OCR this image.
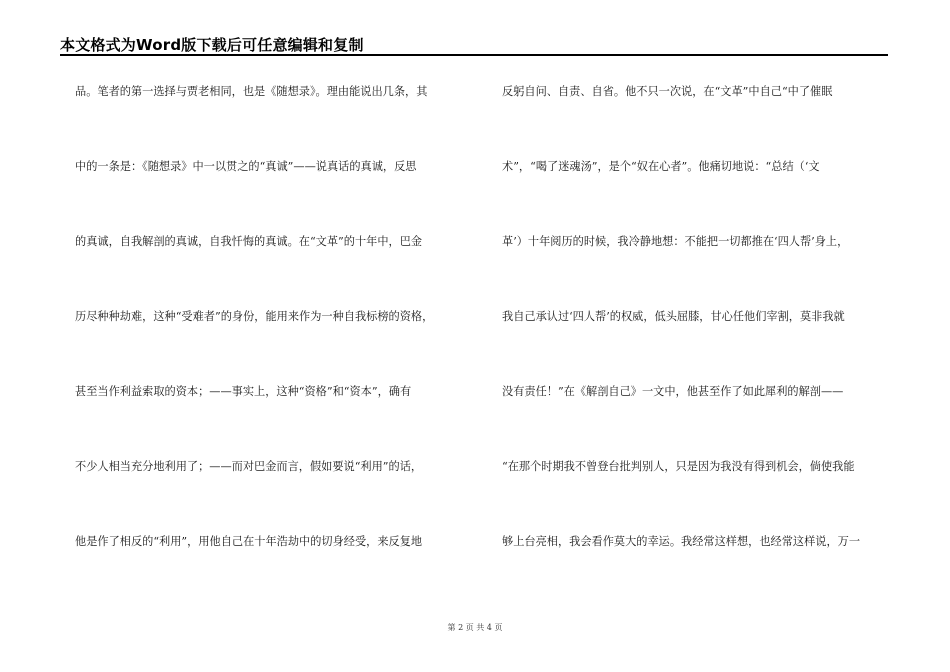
本文格式为Word版下载后可任意编辑和复制
品。笔者的第一选择与贾老相同，也是《随想录》。理由能说出几条，其
中的一条是：《随想录》中一以贯之的“真诚”——说真话的真诚，反思
的真诚，自我解剖的真诚，自我忏悔的真诚。在“文革”的十年中，巴金
历尽种种劫难，这种“受难者”的身份，能用来作为一种自我标榜的资格，
甚至当作利益索取的资本；——事实上，这种“资格”和“资本”，确有
不少人相当充分地利用了；——而对巴金而言，假如要说“利用”的话，
他是作了相反的“利用”，用他自己在十年浩劫中的切身经受，来反复地
反躬自问、自责、自省。他不只一次说，在“文革”中自己“中了催眠
术”，“喝了迷魂汤”，是个“奴在心者”。他痛切地说：“总结（‘文
革’）十年阅历的时候，我冷静地想：不能把一切都推在‘四人帮’身上，
我自己承认过‘四人帮’的权威，低头屈膝，甘心任他们宰割，莫非我就
没有责任！”在《解剖自己》一文中，他甚至作了如此犀利的解剖——
“在那个时期我不曾登台批判别人，只是因为我没有得到机会，倘使我能
够上台亮相，我会看作莫大的幸运。我经常这样想，也经常这样说，万一
第 2 页 共 4 页
